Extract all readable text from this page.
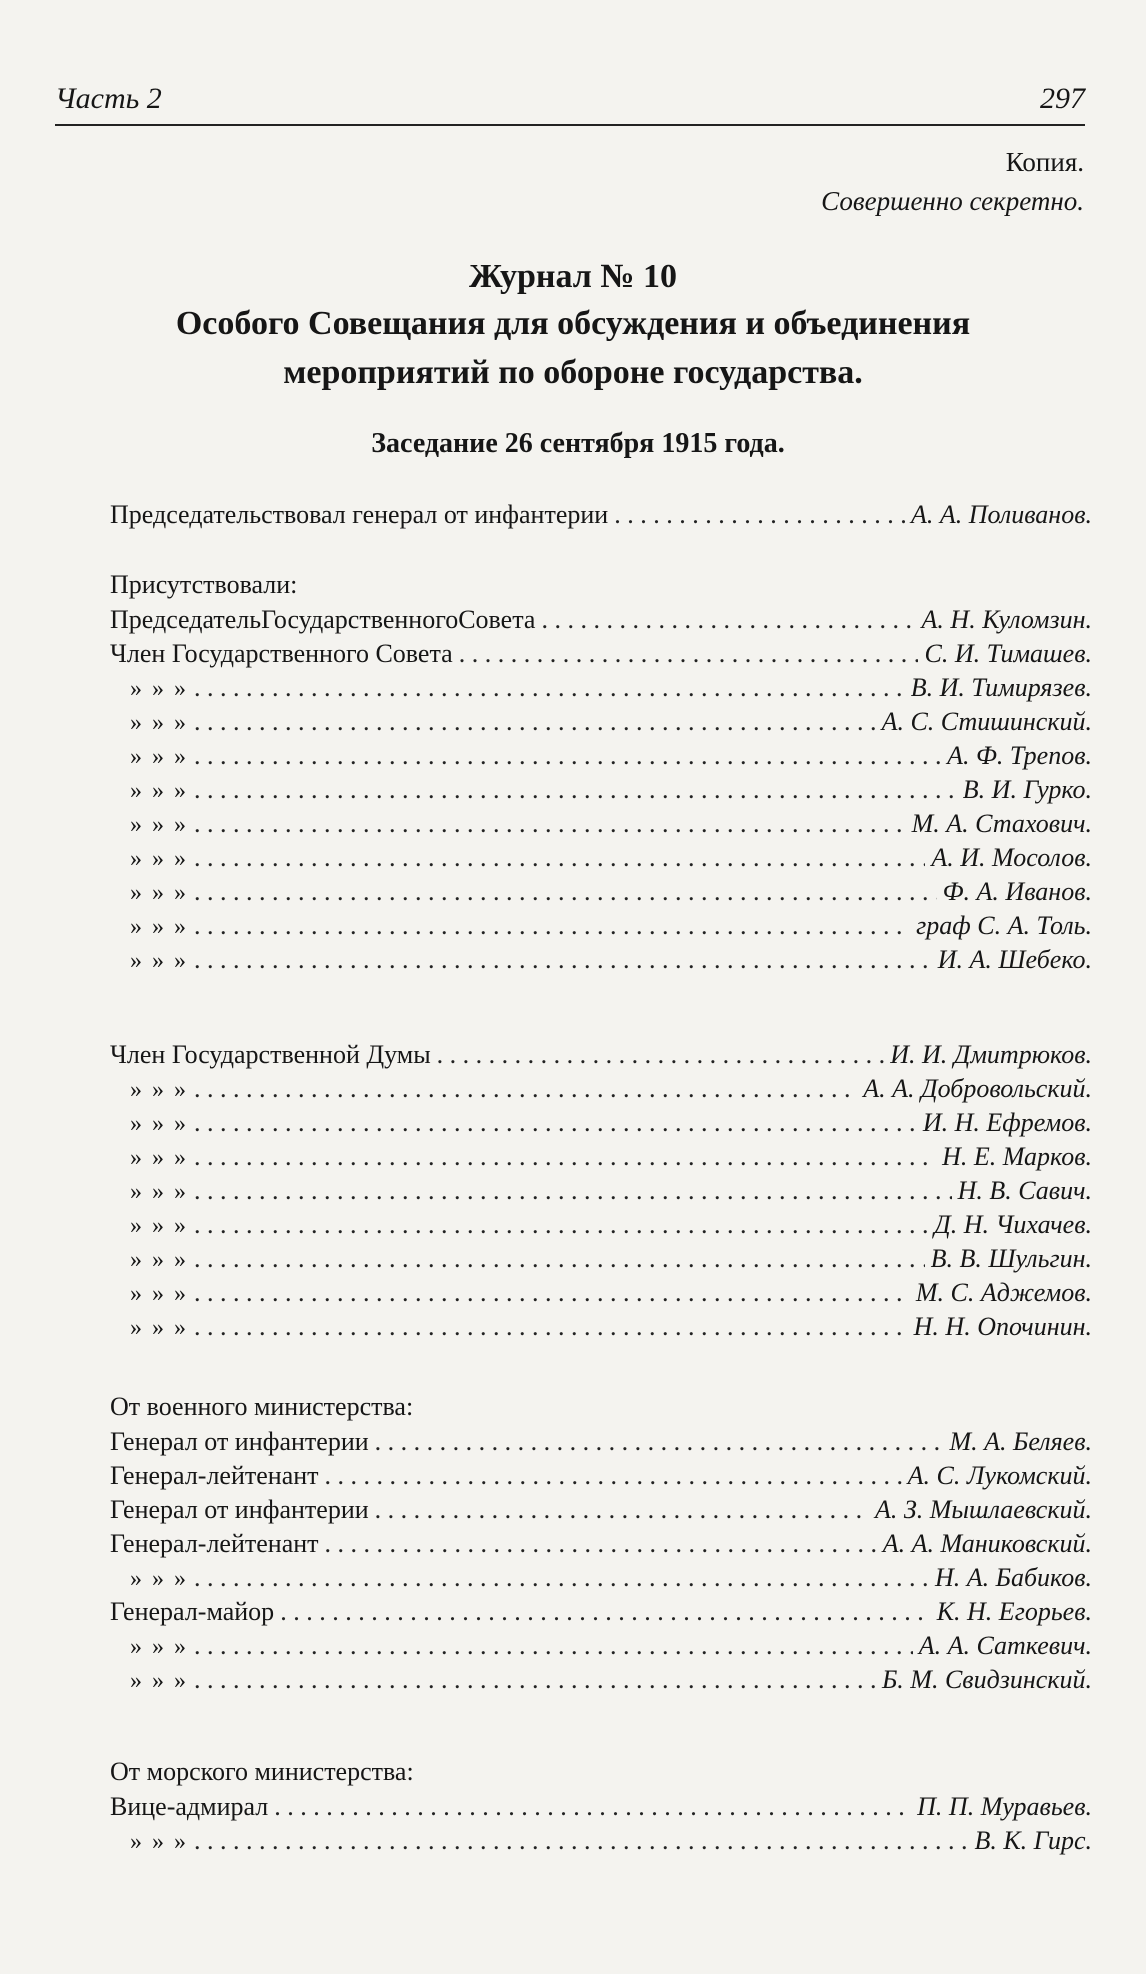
Часть 2	297
Копия.
Совершенно секретно.
Журнал № 10
Особого Совещания для обсуждения и объединения
мероприятий по обороне государства.
Заседание 26 сентября 1915 года.
Председательствовал генерал от инфантерии . . .	А. А. Поливанов.
Присутствовали:
ПредседательГосударственногоСовета . . .	А. Н. Куломзин.
Член Государственного Совета . . .	С. И. Тимашев.
» » » . . .	В. И. Тимирязев.
» » » . . .	А. С. Стишинский.
» » » . . .	А. Ф. Трепов.
» » » . . .	В. И. Гурко.
» » » . . .	М. А. Стахович.
» » » . . .	А. И. Мосолов.
» » » . . .	Ф. А. Иванов.
» » » . . .	граф С. А. Толь.
» » » . . .	И. А. Шебеко.
Член Государственной Думы . . .	И. И. Дмитрюков.
» » » . . .	А. А. Добровольский.
» » » . . .	И. Н. Ефремов.
» » » . . .	Н. Е. Марков.
» » » . . .	Н. В. Савич.
» » » . . .	Д. Н. Чихачев.
» » » . . .	В. В. Шульгин.
» » » . . .	М. С. Аджемов.
» » » . . .	Н. Н. Опочинин.
От военного министерства:
Генерал от инфантерии . . .	М. А. Беляев.
Генерал-лейтенант . . .	А. С. Лукомский.
Генерал от инфантерии . . .	А. З. Мышлаевский.
Генерал-лейтенант . . .	А. А. Маниковский.
» » » . . .	Н. А. Бабиков.
Генерал-майор . . .	К. Н. Егорьев.
» » » . . .	А. А. Саткевич.
» » » . . .	Б. М. Свидзинский.
От морского министерства:
Вице-адмирал . . .	П. П. Муравьев.
» » » . . .	В. К. Гирс.
